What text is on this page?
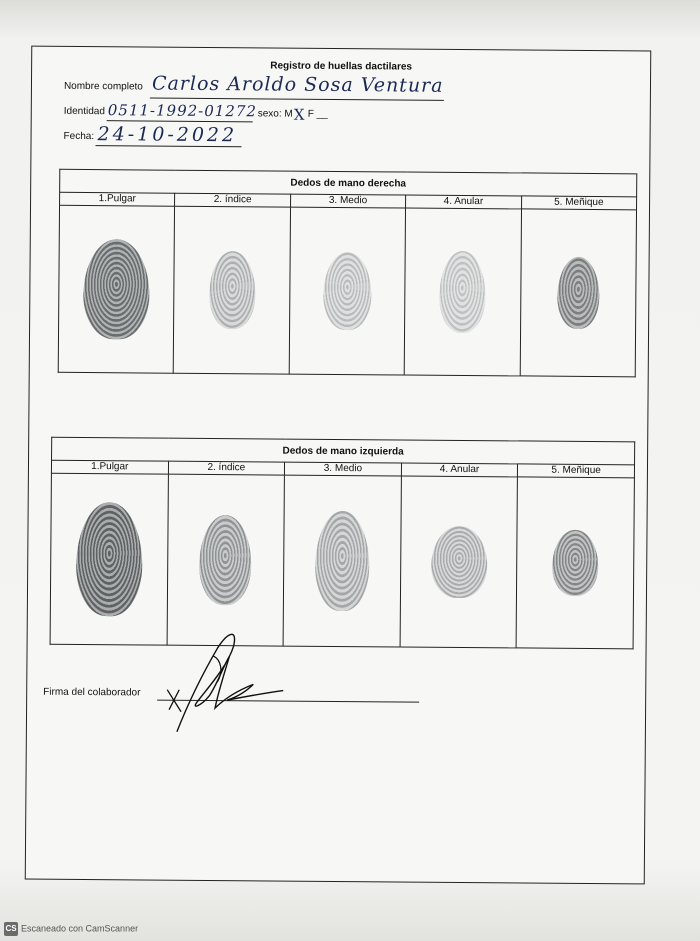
Registro de huellas dactilares
Nombre completo Carlos Aroldo Sosa Ventura
Identidad 0511-1992-01272 sexo: M X F __
Fecha: 24-10-2022
Dedos de mano derecha				
1.Pulgar	2. índice	3. Medio	4. Anular	5. Meñique

Dedos de mano izquierda				
1.Pulgar	2. índice	3. Medio	4. Anular	5. Meñique

Firma del colaborador
CS Escaneado con CamScanner
